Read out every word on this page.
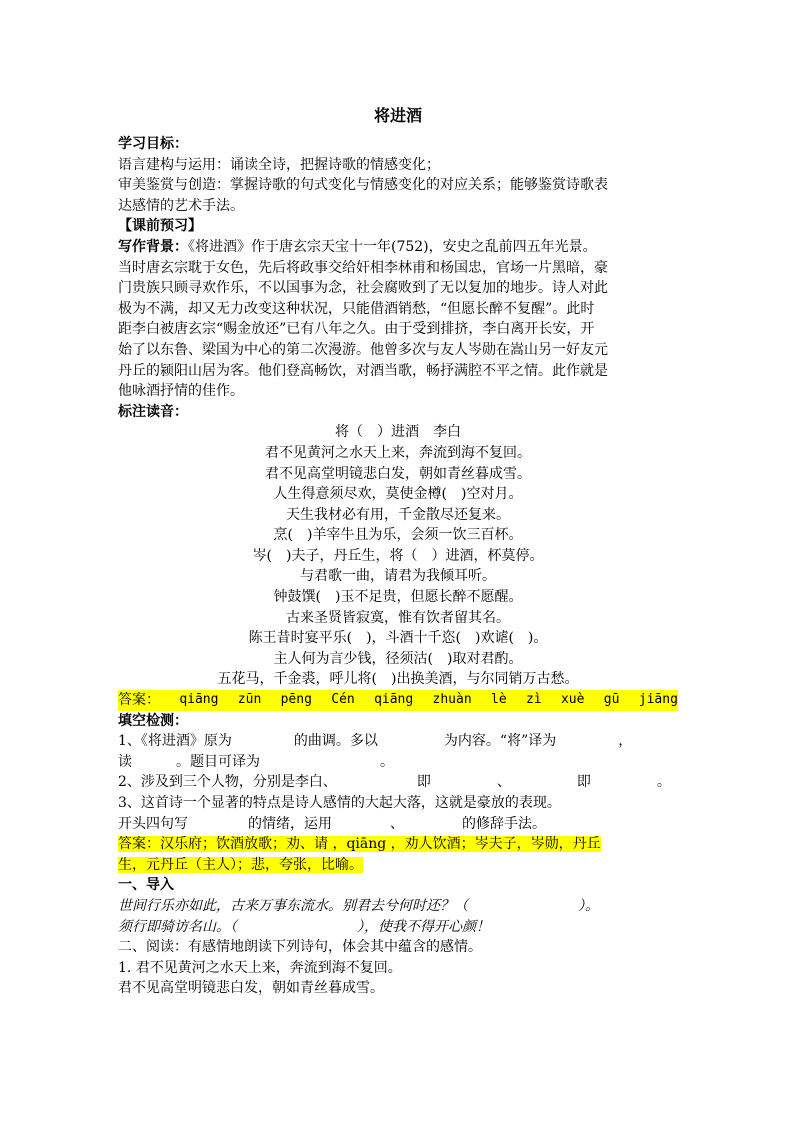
将进酒
学习目标：
语言建构与运用：诵读全诗，把握诗歌的情感变化；
审美鉴赏与创造：掌握诗歌的句式变化与情感变化的对应关系；能够鉴赏诗歌表
达感情的艺术手法。
【课前预习】
写作背景：《将进酒》作于唐玄宗天宝十一年(752)，安史之乱前四五年光景。
当时唐玄宗耽于女色，先后将政事交给奸相李林甫和杨国忠，官场一片黑暗，豪
门贵族只顾寻欢作乐，不以国事为念，社会腐败到了无以复加的地步。诗人对此
极为不满，却又无力改变这种状况，只能借酒销愁，“但愿长醉不复醒”。此时
距李白被唐玄宗“赐金放还”已有八年之久。由于受到排挤，李白离开长安，开
始了以东鲁、梁国为中心的第二次漫游。他曾多次与友人岑勋在嵩山另一好友元
丹丘的颍阳山居为客。他们登高畅饮，对酒当歌，畅抒满腔不平之情。此作就是
他咏酒抒情的佳作。
标注读音：
将（　）进酒　李白
君不见黄河之水天上来，奔流到海不复回。
君不见高堂明镜悲白发，朝如青丝暮成雪。
人生得意须尽欢，莫使金樽(　)空对月。
天生我材必有用，千金散尽还复来。
烹(　)羊宰牛且为乐，会须一饮三百杯。
岑(　)夫子，丹丘生，将（　）进酒，杯莫停。
与君歌一曲，请君为我倾耳听。
钟鼓馔(　)玉不足贵，但愿长醉不愿醒。
古来圣贤皆寂寞，惟有饮者留其名。
陈王昔时宴平乐(　)，斗酒十千恣(　)欢谑(　)。
主人何为言少钱，径须沽(　)取对君酌。
五花马，千金裘，呼儿将(　)出换美酒，与尔同销万古愁。
答案： qiāng zūn pēng Cén qiāng zhuàn lè zì xuè gū jiāng
填空检测：
1、《将进酒》原为	的曲调。多以	为内容。“将”译为	，
读	。题目可译为	。
2、涉及到三个人物，分别是李白、	即	、	即	。
3、这首诗一个显著的特点是诗人感情的大起大落，这就是豪放的表现。
开头四句写	的情绪，运用	、	的修辞手法。
答案：汉乐府；饮酒放歌；劝、请 ，qiāng ，劝人饮酒；岑夫子，岑勋，丹丘
生，元丹丘（主人）；悲，夸张，比喻。
一、导入
世间行乐亦如此，古来万事东流水。别君去兮何时还？（	）。
须行即骑访名山。（	），使我不得开心颜！
二、阅读：有感情地朗读下列诗句，体会其中蕴含的感情。
1. 君不见黄河之水天上来，奔流到海不复回。
君不见高堂明镜悲白发，朝如青丝暮成雪。
